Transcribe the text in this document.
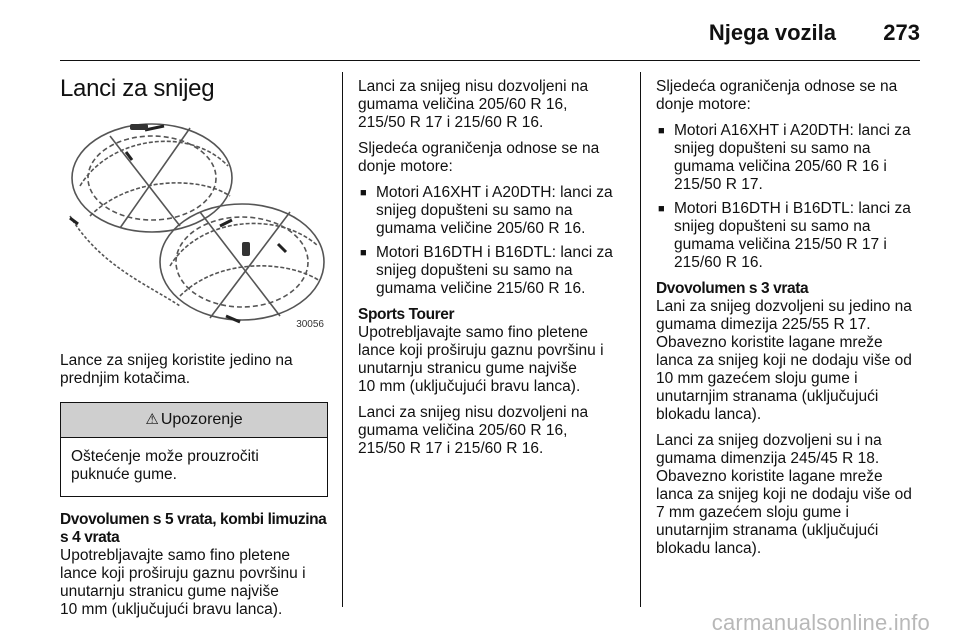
Njega vozila 273
Lanci za snijeg
30056

Lance za snijeg koristite jedino na
prednjim kotačima.

⚠ Upozorenje
Oštećenje može prouzročiti
puknuće gume.
Dvovolumen s 5 vrata, kombi limuzina
s 4 vrata

Upotrebljavajte samo fino pletene
lance koji proširuju gaznu površinu i
unutarnju stranicu gume najviše
10 mm (uključujući bravu lanca).

Lanci za snijeg nisu dozvoljeni na
gumama veličina 205/60 R 16,
215/50 R 17 i 215/60 R 16.

Sljedeća ograničenja odnose se na
donje motore:

■ Motori A16XHT i A20DTH: lanci za
snijeg dopušteni su samo na
gumama veličine 205/60 R 16.
■ Motori B16DTH i B16DTL: lanci za
snijeg dopušteni su samo na
gumama veličine 215/60 R 16.
Sports Tourer

Upotrebljavajte samo fino pletene
lance koji proširuju gaznu površinu i
unutarnju stranicu gume najviše
10 mm (uključujući bravu lanca).

Lanci za snijeg nisu dozvoljeni na
gumama veličina 205/60 R 16,
215/50 R 17 i 215/60 R 16.

Sljedeća ograničenja odnose se na
donje motore:

■ Motori A16XHT i A20DTH: lanci za
snijeg dopušteni su samo na
gumama veličina 205/60 R 16 i
215/50 R 17.
■ Motori B16DTH i B16DTL: lanci za
snijeg dopušteni su samo na
gumama veličina 215/50 R 17 i
215/60 R 16.
Dvovolumen s 3 vrata

Lani za snijeg dozvoljeni su jedino na
gumama dimezija 225/55 R 17.
Obavezno koristite lagane mreže
lanca za snijeg koji ne dodaju više od
10 mm gazećem sloju gume i
unutarnjim stranama (uključujući
blokadu lanca).

Lanci za snijeg dozvoljeni su i na
gumama dimenzija 245/45 R 18.
Obavezno koristite lagane mreže
lanca za snijeg koji ne dodaju više od
7 mm gazećem sloju gume i
unutarnjim stranama (uključujući
blokadu lanca).

carmanualsonline.info
